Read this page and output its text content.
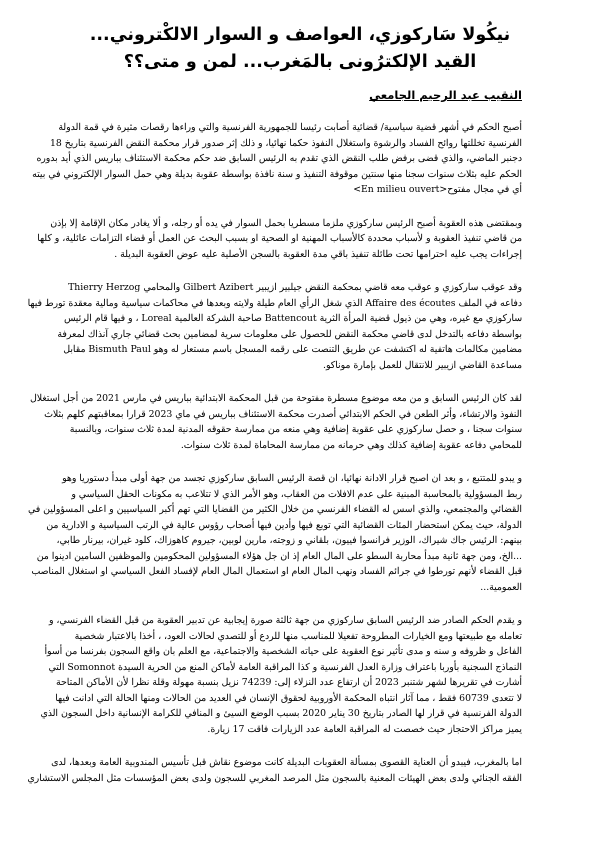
نيكُولا سَاركوزي، العواصف و السوار الالكْتروني...
القيد الإلكترُونى بالمَغرب... لمن و متى؟؟
النقيب عبد الرحيم الجامعي
أصبح الحكم في أشهر قضية سياسية/ قضائية أصابت رئيسا للجمهورية الفرنسية والتي وراءها رقصات مثيرة في قمة الدولة
الفرنسية تخللتها روائح الفساد والرشوة واستغلال النفوذ حكما نهائيا، و ذلك إثر صدور قرار محكمة النقض الفرنسية بتاريخ 18
دجنبر الماضي، والذي قضى برفض طلب النقض الذي تقدم به الرئيس السابق ضد حكم محكمة الاستئناف بباريس الذي أيد بدوره
الحكم عليه بثلاث سنوات سجنا منها سنتين موقوفة التنفيذ و سنة نافذة بواسطة عقوبة بديلة وهي حمل السوار الإلكتروني في بيته
أي في مجال مفتوح<En milieu ouvert>
وبمقتضى هذه العقوبة أصبح الرئيس ساركوزي ملزما مسطريا بحمل السوار في يده أو رجله، و ألا يغادر مكان الإقامة إلا بإذن
من قاضي تنفيذ العقوبة و لأسباب محددة كالأسباب المهنية او الصحية او بسبب البحث عن العمل أو قضاء التزامات عائلية، و كلها
إجراءات يجب عليه احترامها تحت طائلة تنفيذ باقي مدة العقوبة بالسجن الأصلية عليه عوض العقوبة البديلة .
وقد عوقب ساركوزي و عوقب معه قاضي بمحكمة النقض جيلبير ازيبير Gilbert Azibert والمحامي Thierry Herzog
دفاعه في الملف Affaire des écoutes الذي شغل الرأي العام طيلة ولايته وبعدها في محاكمات سياسية ومالية معقدة تورط فيها
ساركوزي مع غيره، وهي من ذيول قضية المرأة الثرية Battencout صاحبة الشركة العالمية Loreal ، و فيها قام الرئيس
بواسطة دفاعه بالتدخل لدى قاضي محكمة النقض للحصول على معلومات سرية لمضامين بحث قضائي جاري آنذاك لمعرفة
مضامين مكالمات هاتفية له اكتشفت عن طريق التنصت على رقمه المسجل باسم مستعار له وهو Bismuth Paul مقابل
مساعدة القاضي ازيبير للانتقال للعمل بإمارة موناكو.
لقد كان الرئيس السابق و من معه موضوع مسطرة مفتوحة من قبل المحكمة الابتدائية بباريس في مارس 2021 من أجل استغلال
النفوذ والارتشاء، وأثر الطعن في الحكم الابتدائي أصدرت محكمة الاستئناف بباريس في ماي 2023 قرارا بمعاقبتهم كلهم بثلاث
سنوات سجنا ، و حصل ساركوزي على عقوبة إضافية وهي منعه من ممارسة حقوقه المدنية لمدة ثلاث سنوات، وبالنسبة
للمحامي دفاعه عقوبة إضافية كذلك وهي حرمانه من ممارسة المحاماة لمدة ثلاث سنوات.
و يبدو للمتتبع ، و بعد ان اصبح قرار الادانة نهائيا، ان قصة الرئيس السابق ساركوزي تجسد من جهة أولى مبدأ دستوريا وهو
ربط المسؤولية بالمحاسبة المبنية على عدم الافلات من العقاب، وهو الأمر الذي لا تتلاعب به مكونات الحقل السياسي و
القضائي والمجتمعي، والذي اسس له القضاء الفرنسي من خلال الكثير من القضايا التي تهم أكبر السياسيين و اعلى المسؤولين في
الدولة، حيث يمكن استحضار المئات القضائية التي توبع فيها وأدين فيها أصحاب رؤوس عالية في الرتب السياسية و الادارية من
بينهم: الرئيس جاك شيراك، الوزير فرانسوا فييون، بلقاني و زوجته، مارين لوبين، جيروم كاهوزاك، كلود غيران، بيرنار طابي،
...الخ، ومن جهة ثانية مبدأ محاربة السطو على المال العام إذ ان جل هؤلاء المسؤولين المحكومين والموظفين السامين ادينوا من
قبل القضاء لأنهم تورطوا في جرائم الفساد ونهب المال العام او استعمال المال العام لإفساد الفعل السياسي او استغلال المناصب
العمومية...
و يقدم الحكم الصادر ضد الرئيس السابق ساركوزي من جهة ثالثة صورة إيجابية عن تدبير العقوبة من قبل القضاء الفرنسي، و
تعامله مع طبيعتها ومع الخيارات المطروحة تفعيلا للمناسب منها للردع أو للتصدي لحالات العود، ، أخذا بالاعتبار شخصية
الفاعل و ظروفه و سنه و مدى تأثير نوع العقوبة على حياته الشخصية والاجتماعية، مع العلم بان واقع السجون بفرنسا من أسوأ
النماذج السجنية بأوربا باعتراف وزارة العدل الفرنسية و كذا المراقبة العامة لأماكن المنع من الحرية السيدة Somonnot التي
أشارت في تقريرها لشهر شتنبر 2023 أن ارتفاع عدد النزلاء إلى: 74239 نزيل بنسبة مهولة وقلة نظرا لأن الأماكن المتاحة
لا تتعدى 60739 فقط ، مما آثار انتباه المحكمة الأوروبية لحقوق الإنسان في العديد من الحالات ومنها الحالة التي ادانت فيها
الدولة الفرنسية في قرار لها الصادر بتاريخ 30 يناير 2020 بسبب الوضع السيئ و المنافي للكرامة الإنسانية داخل السجون الذي
يميز مراكز الاحتجاز حيث خصصت له المراقبة العامة عدد الزيارات فاقت 17 زيارة.
اما بالمغرب، فيبدو أن العناية القصوى بمسألة العقوبات البديلة كانت موضوع نقاش قبل تأسيس المندوبية العامة وبعدها، لدى
الفقه الجنائي ولدى بعض الهيئات المعنية بالسجون مثل المرصد المغربي للسجون ولدى بعض المؤسسات مثل المجلس الاستشاري
